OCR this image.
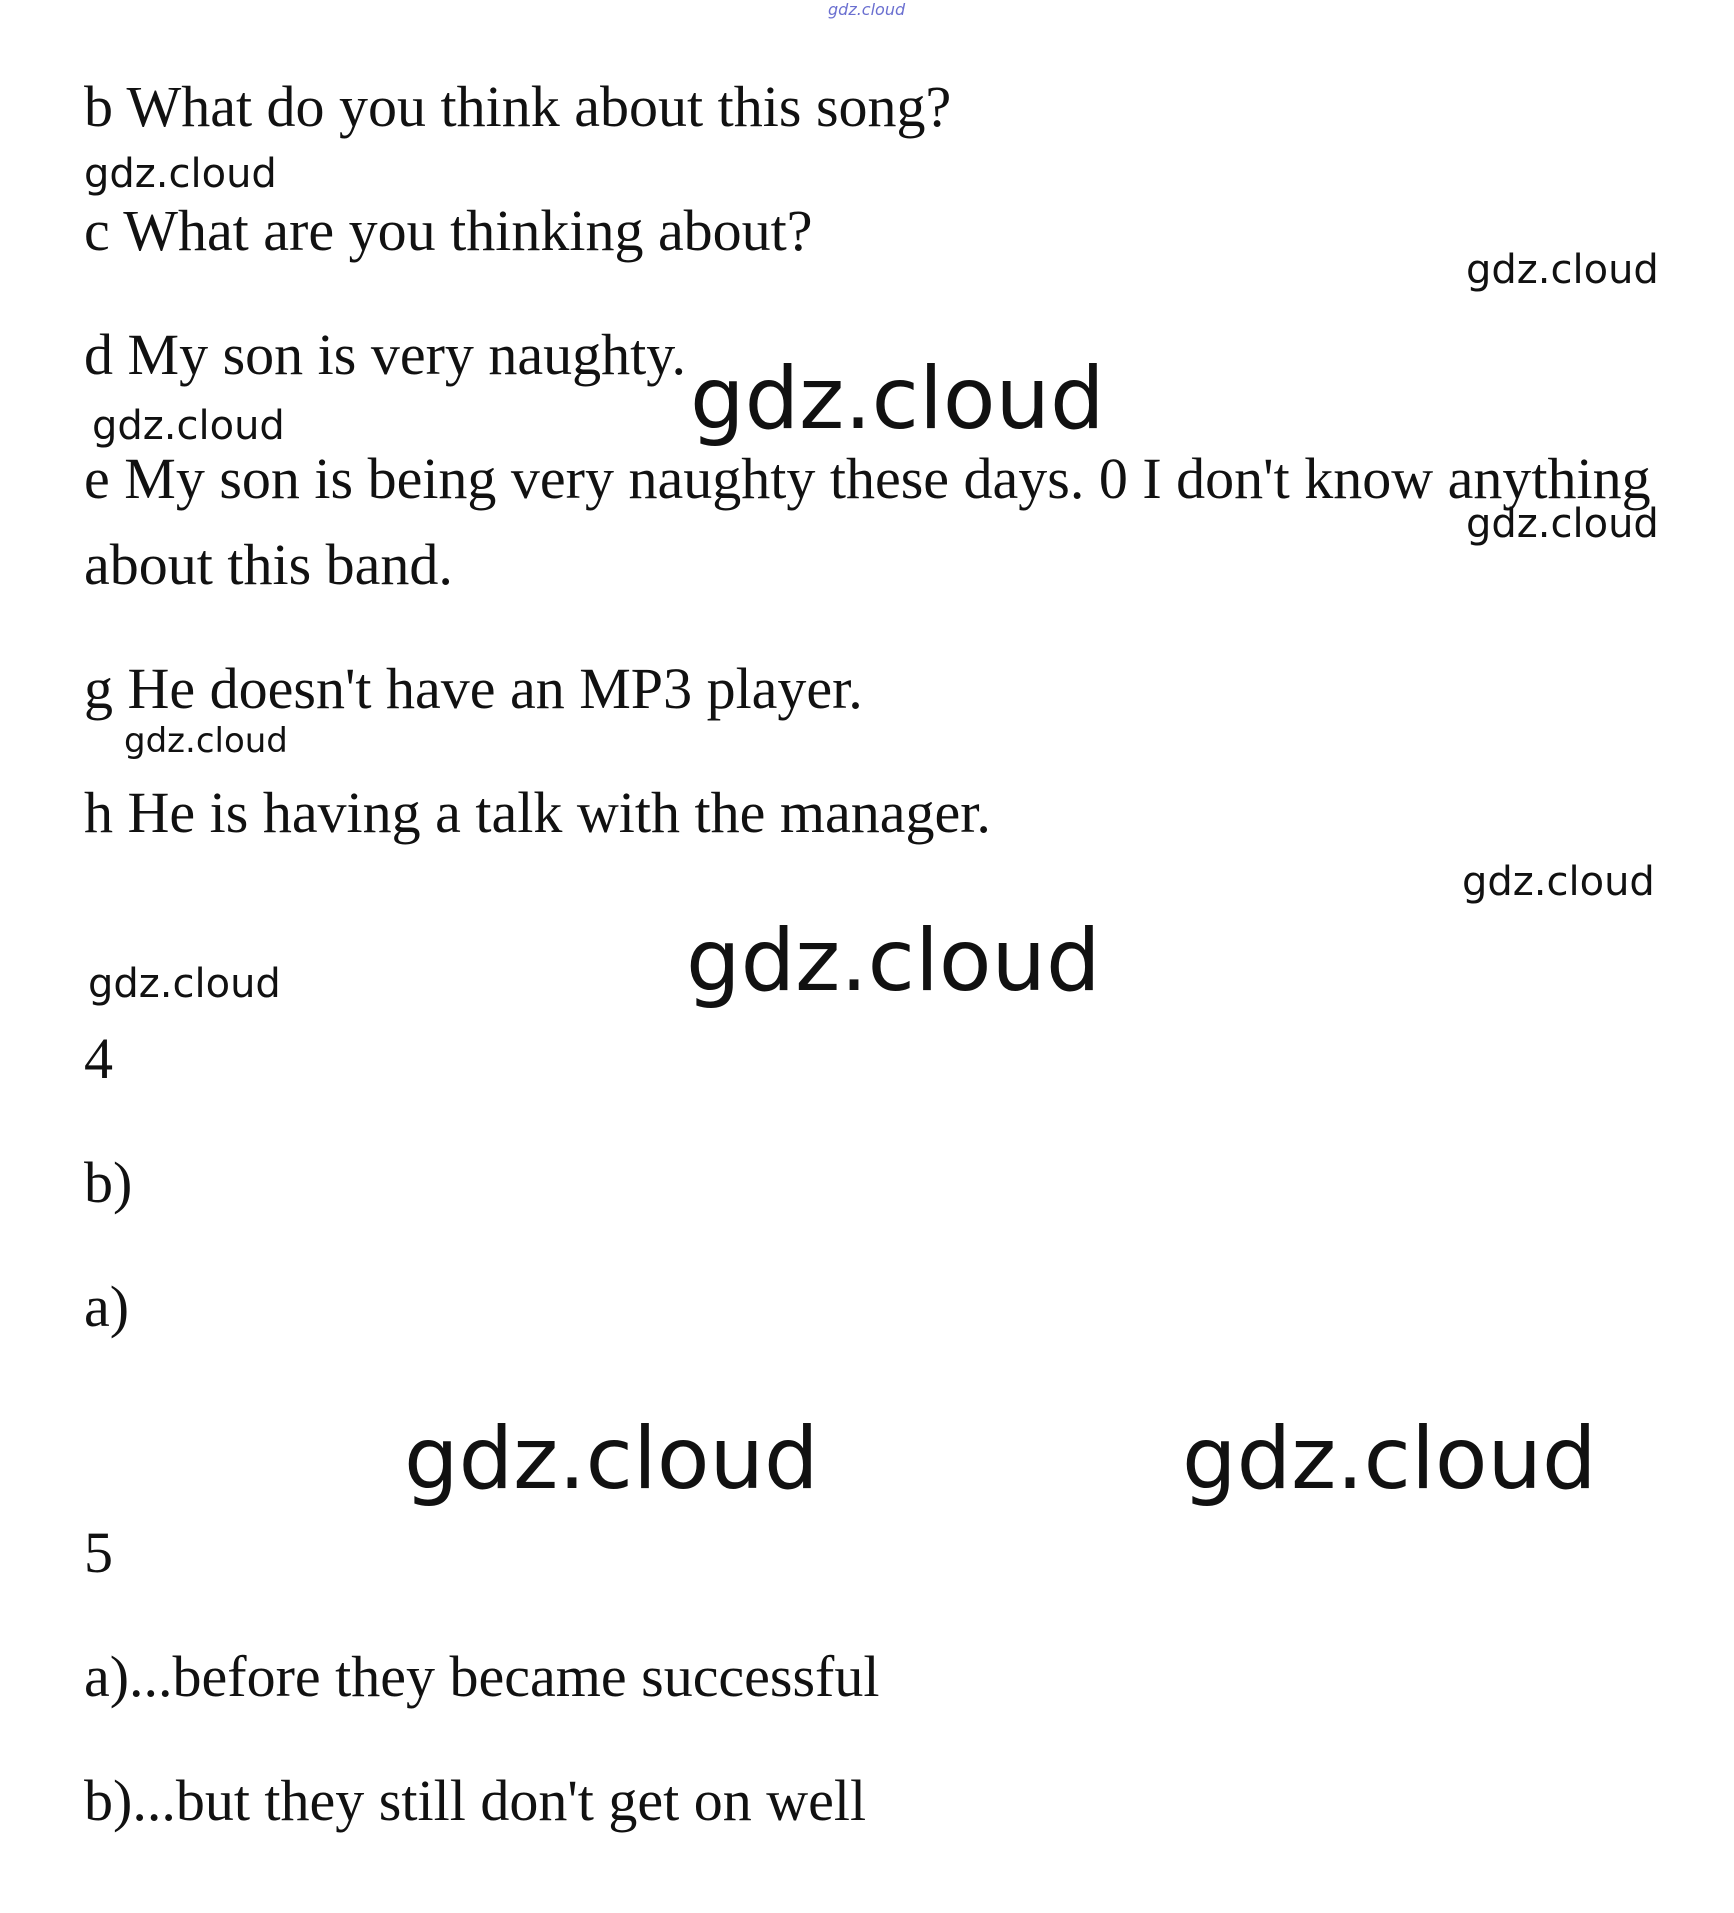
gdz.cloud

b What do you think about this song?

gdz.cloud

c What are you thinking about?

gdz.cloud

d My son is very naughty. gdz.cloud

gdz.cloud

e My son is being very naughty these days. 0 I don't know anything

gdz.cloud

about this band.

g He doesn't have an MP3 player.

gdz.cloud

h He is having a talk with the manager.

gdz.cloud

gdz.cloud

gdz.cloud

4

b)

a)

gdz.cloud	gdz.cloud

5

a)...before they became successful

b)...but they still don't get on well
